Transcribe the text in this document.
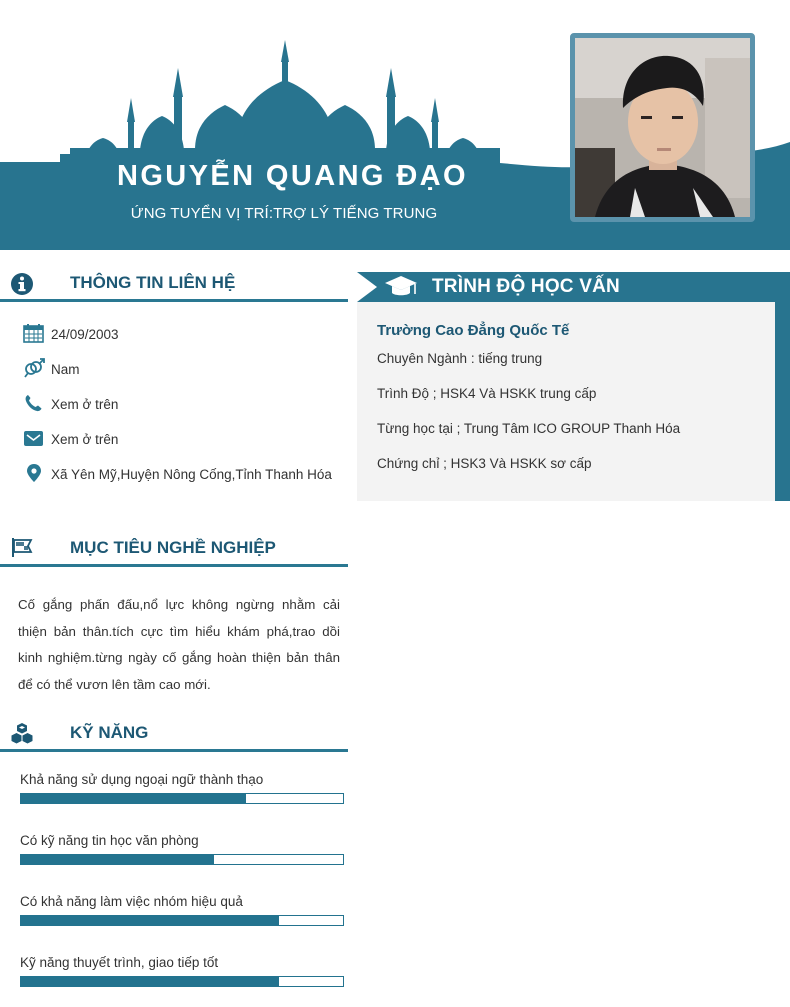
NGUYỄN QUANG ĐẠO
ỨNG TUYỂN VỊ TRÍ:TRỢ LÝ TIẾNG TRUNG
THÔNG TIN LIÊN HỆ
24/09/2003
Nam
Xem ở trên
Xem ở trên
Xã Yên Mỹ,Huyện Nông Cống,Tỉnh Thanh Hóa
MỤC TIÊU NGHỀ NGHIỆP
Cố gắng phấn đấu,nổ lực không ngừng nhằm cải thiện bản thân.tích cực tìm hiểu khám phá,trao dồi kinh nghiệm.từng ngày cố gắng hoàn thiện bản thân để có thể vươn lên tầm cao mới.
KỸ NĂNG
Khả năng sử dụng ngoại ngữ thành thạo
Có kỹ năng tin học văn phòng
Có khả năng làm việc nhóm hiệu quả
Kỹ năng thuyết trình, giao tiếp tốt
TRÌNH ĐỘ HỌC VẤN
Trường Cao Đẳng Quốc Tế
Chuyên Ngành : tiếng trung
Trình Độ ; HSK4 Và HSKK trung cấp
Từng học tại ; Trung Tâm ICO GROUP Thanh Hóa
Chứng chỉ ; HSK3 Và HSKK sơ cấp
